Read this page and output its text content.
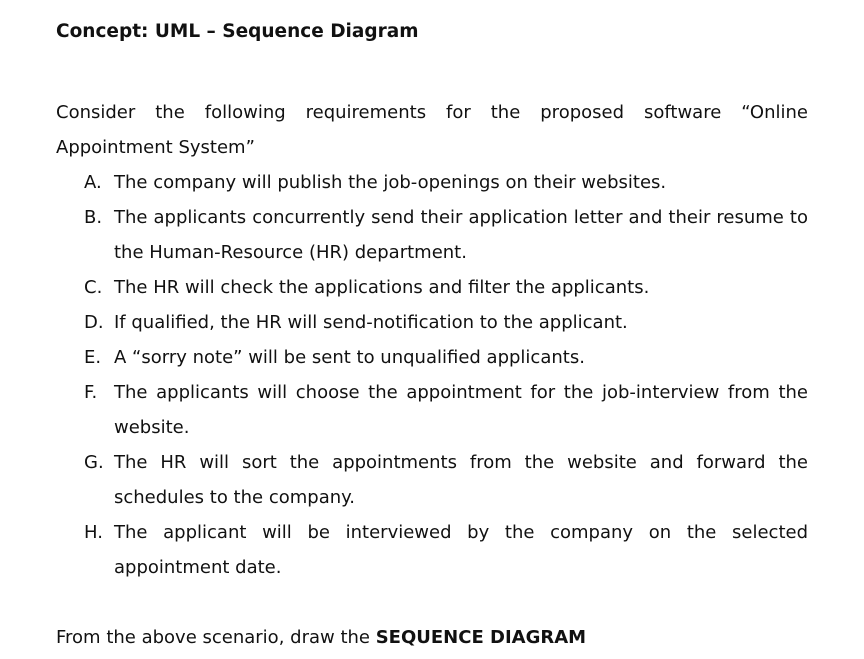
Concept: UML – Sequence Diagram

Consider the following requirements for the proposed software “Online Appointment System”

A. The company will publish the job-openings on their websites.
B. The applicants concurrently send their application letter and their resume to the Human-Resource (HR) department.
C. The HR will check the applications and filter the applicants.
D. If qualified, the HR will send-notification to the applicant.
E. A “sorry note” will be sent to unqualified applicants.
F. The applicants will choose the appointment for the job-interview from the website.
G. The HR will sort the appointments from the website and forward the schedules to the company.
H. The applicant will be interviewed by the company on the selected appointment date.

From the above scenario, draw the SEQUENCE DIAGRAM
